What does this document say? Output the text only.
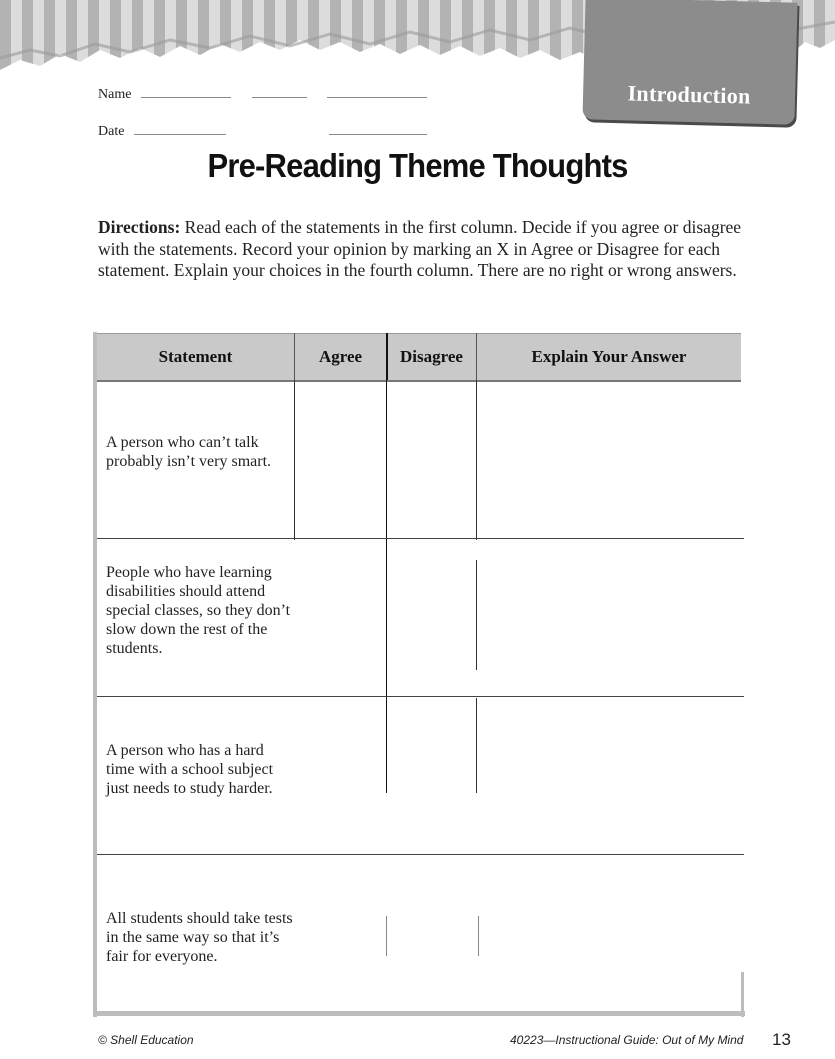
Introduction
Name
Date
Pre-Reading Theme Thoughts
Directions: Read each of the statements in the first column. Decide if you agree or disagree with the statements. Record your opinion by marking an X in Agree or Disagree for each statement. Explain your choices in the fourth column. There are no right or wrong answers.
Statement	Agree	Disagree	Explain Your Answer
A person who can’t talk probably isn’t very smart.
People who have learning disabilities should attend special classes, so they don’t slow down the rest of the students.
A person who has a hard time with a school subject just needs to study harder.
All students should take tests in the same way so that it’s fair for everyone.
© Shell Education	40223—Instructional Guide: Out of My Mind 13
